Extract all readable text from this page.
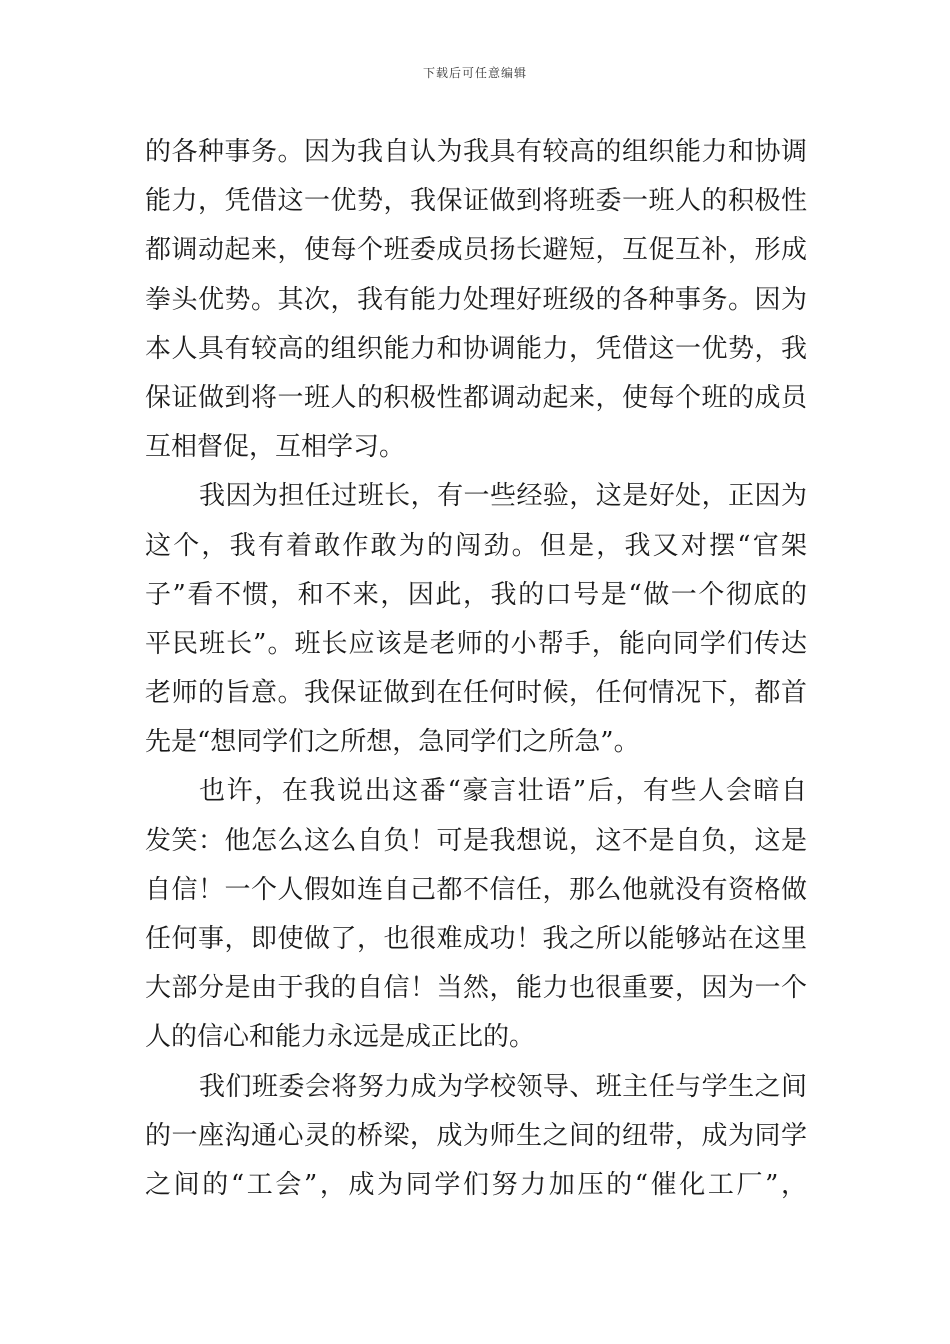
下载后可任意编辑
的各种事务。因为我自认为我具有较高的组织能力和协调
能力，凭借这一优势，我保证做到将班委一班人的积极性
都调动起来，使每个班委成员扬长避短，互促互补，形成
拳头优势。其次，我有能力处理好班级的各种事务。因为
本人具有较高的组织能力和协调能力，凭借这一优势，我
保证做到将一班人的积极性都调动起来，使每个班的成员
互相督促，互相学习。
我因为担任过班长，有一些经验，这是好处，正因为
这个，我有着敢作敢为的闯劲。但是，我又对摆“官架
子”看不惯，和不来，因此，我的口号是“做一个彻底的
平民班长”。班长应该是老师的小帮手，能向同学们传达
老师的旨意。我保证做到在任何时候，任何情况下，都首
先是“想同学们之所想，急同学们之所急”。
也许，在我说出这番“豪言壮语”后，有些人会暗自
发笑：他怎么这么自负！可是我想说，这不是自负，这是
自信！一个人假如连自己都不信任，那么他就没有资格做
任何事，即使做了，也很难成功！我之所以能够站在这里
大部分是由于我的自信！当然，能力也很重要，因为一个
人的信心和能力永远是成正比的。
我们班委会将努力成为学校领导、班主任与学生之间
的一座沟通心灵的桥梁，成为师生之间的纽带，成为同学
之间的“工会”，成为同学们努力加压的“催化工厂”，
